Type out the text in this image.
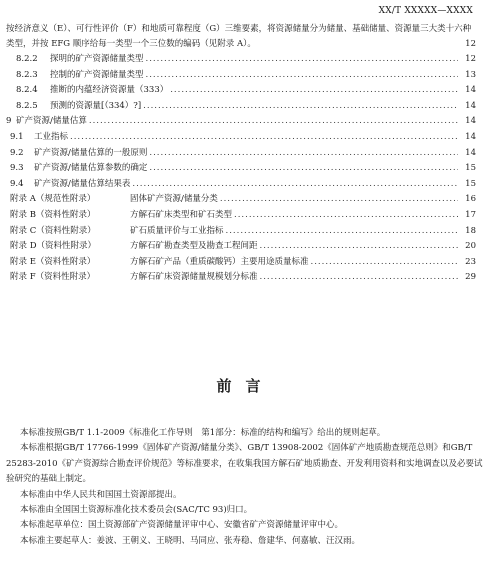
XX/T XXXXX—XXXX

按经济意义（E）、可行性评价（F）和地质可靠程度（G）三维要素，将资源储量分为储量、基础储量、资源量三大类十六种类型，并按 EFG 顺序给每一类型一个三位数的编码（见附录 A）。	12
8.2.2 探明的矿产资源储量类型 .....	12
8.2.3 控制的矿产资源储量类型 .....	13
8.2.4 推断的内蕴经济资源量（333） .....	14
8.2.5 预测的资源量[（334）?] .....	14
9 矿产资源/储量估算 .....	14
9.1 工业指标 .....	14
9.2 矿产资源/储量估算的一般原则 .....	14
9.3 矿产资源/储量估算参数的确定 .....	15
9.4 矿产资源/储量估算结果表 .....	15
附录 A（规范性附录）	固体矿产资源/储量分类 .....	16
附录 B（资料性附录）	方解石矿床类型和矿石类型 .....	17
附录 C（资料性附录）	矿石质量评价与工业指标 .....	18
附录 D（资料性附录）	方解石矿勘查类型及勘查工程间距 .....	20
附录 E（资料性附录）	方解石矿产品（重质碳酸钙）主要用途质量标准 .....	23
附录 F（资料性附录）	方解石矿床资源储量规模划分标准 .....	29
前言

本标准按照GB/T 1.1-2009《标准化工作导则　第1部分：标准的结构和编写》给出的规则起草。

本标准根据GB/T 17766-1999《固体矿产资源/储量分类》、GB/T 13908-2002《固体矿产地质勘查规范总则》和GB/T 25283-2010《矿产资源综合勘查评价规范》等标准要求，在收集我国方解石矿地质勘查、开发利用资料和实地调查以及必要试验研究的基础上制定。

本标准由中华人民共和国国土资源部提出。

本标准由全国国土资源标准化技术委员会(SAC/TC 93)归口。

本标准起草单位：国土资源部矿产资源储量评审中心、安徽省矿产资源储量评审中心。

本标准主要起草人：姜波、王朝义、王晓明、马同应、张寿稳、詹建华、何嘉敏、汪汉雨。
